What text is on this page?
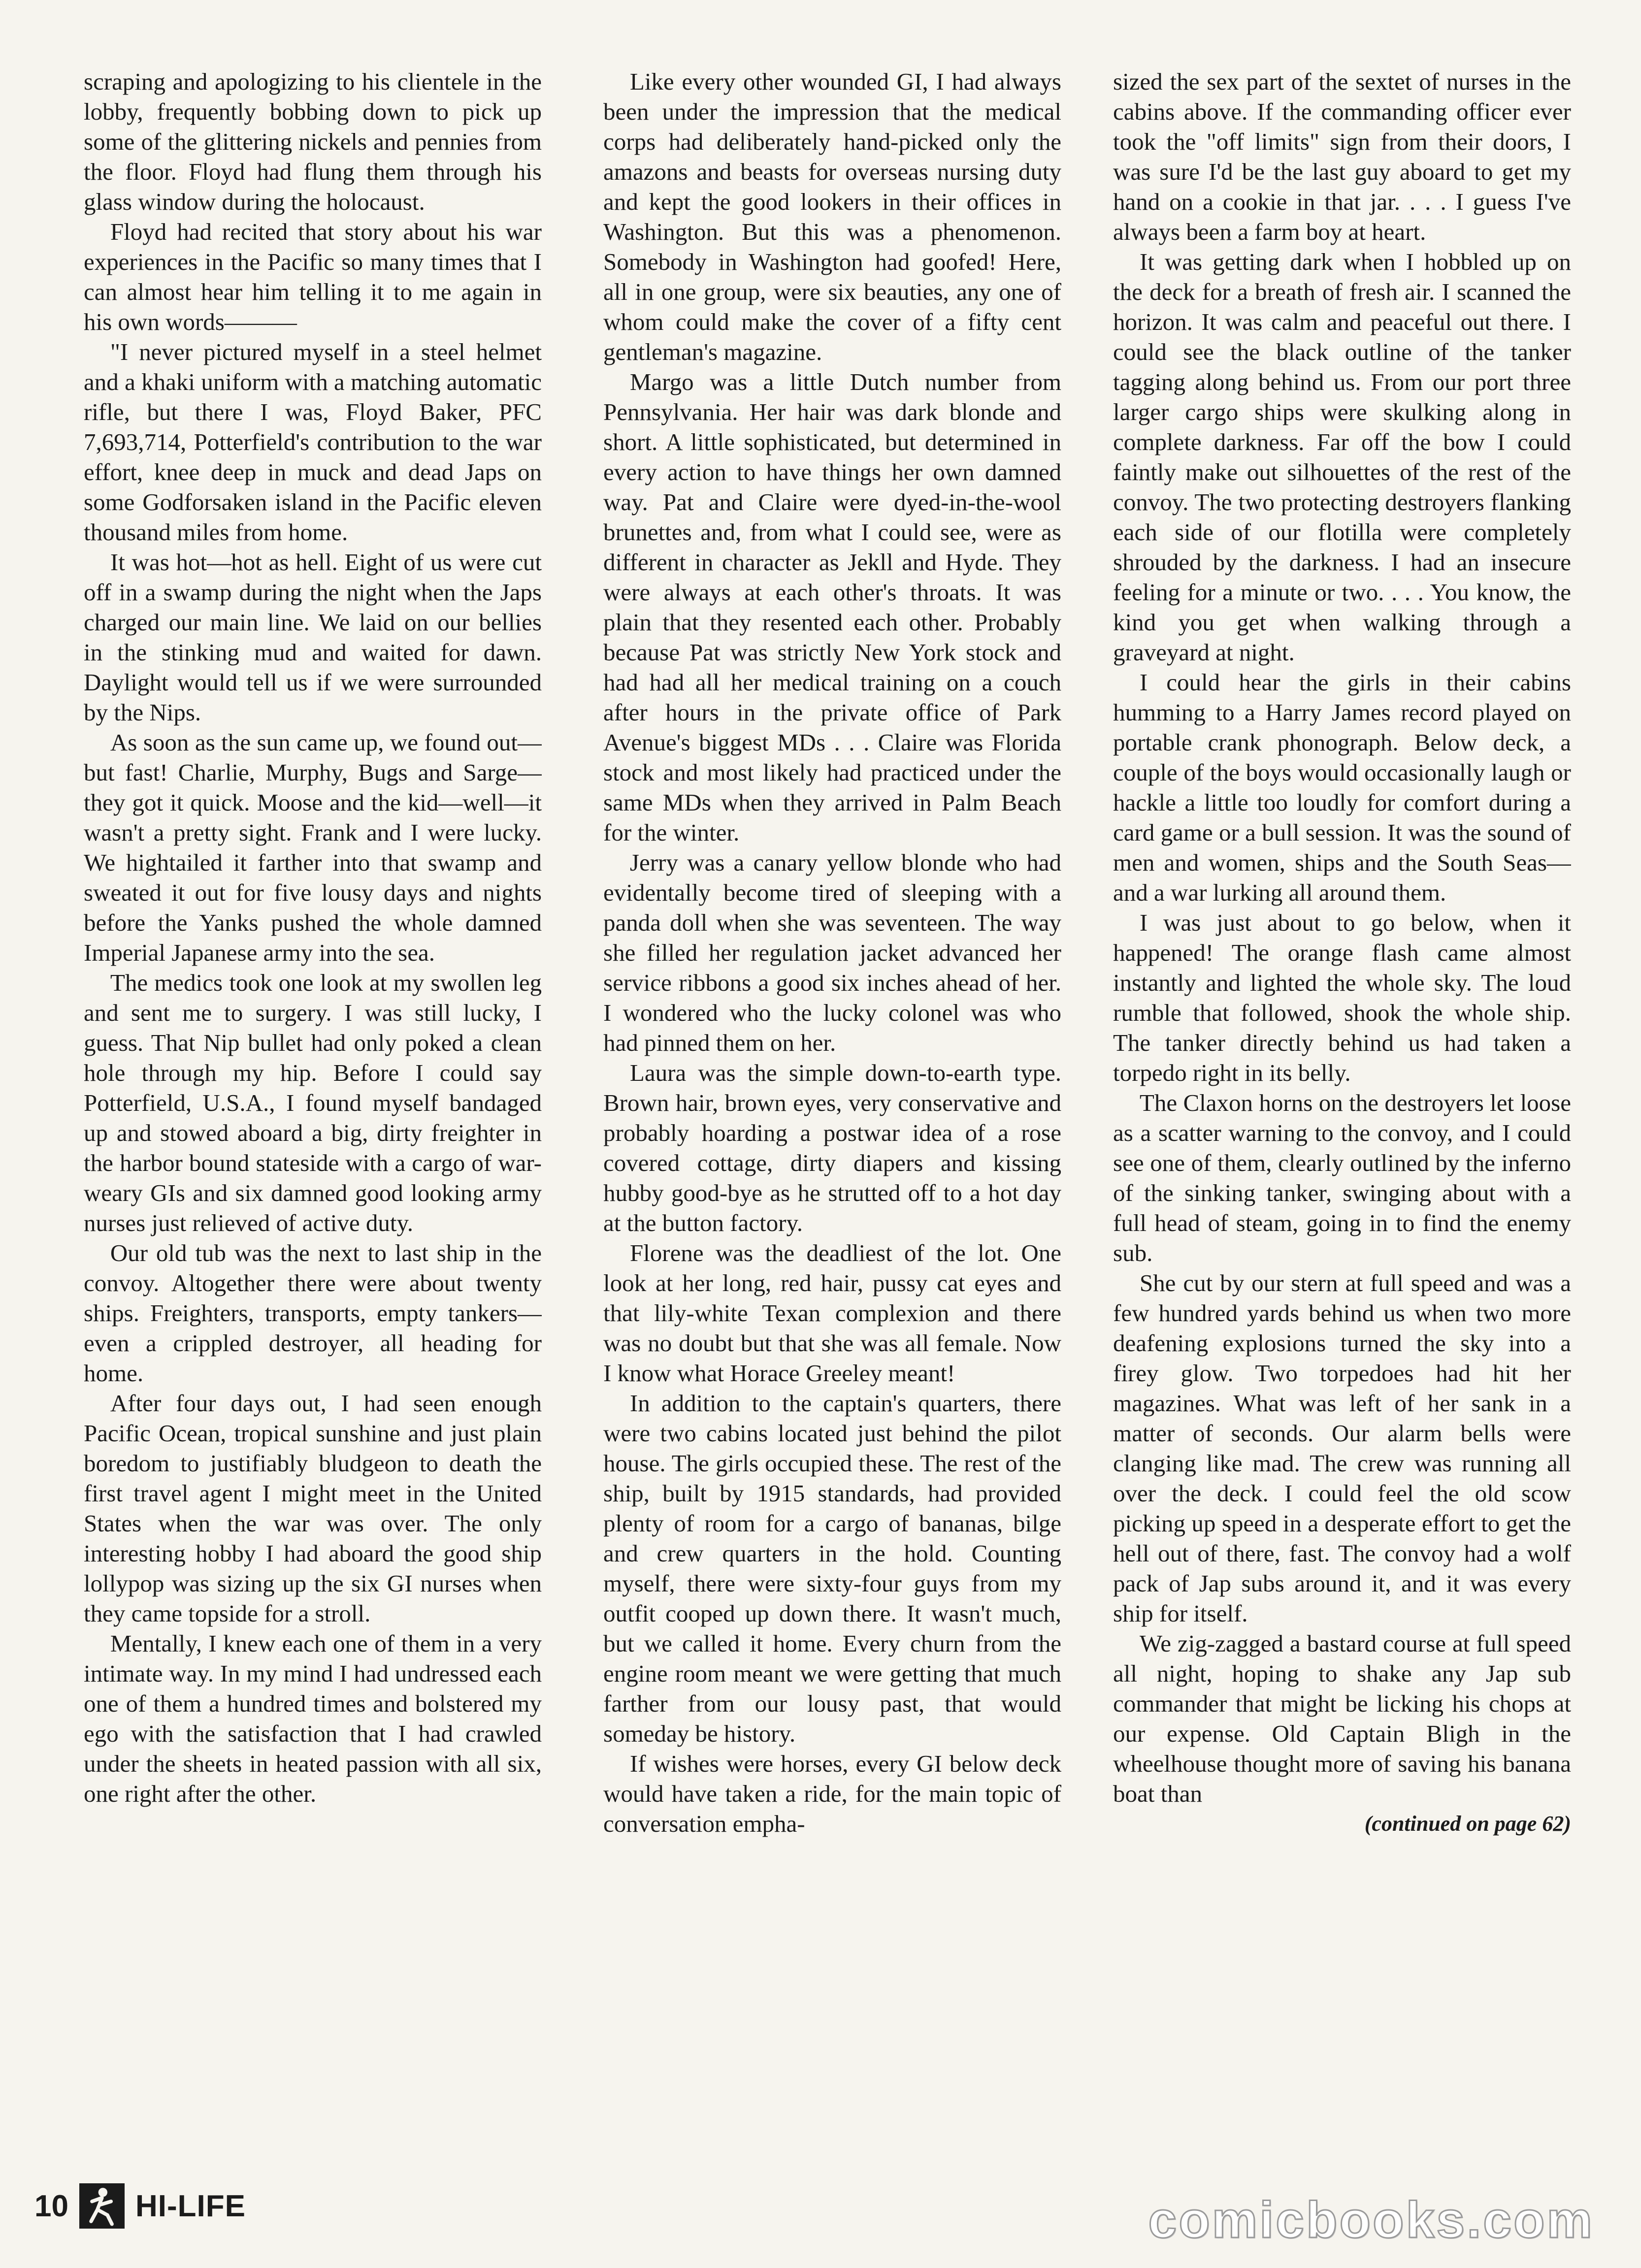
scraping and apologizing to his clientele in the lobby, frequently bobbing down to pick up some of the glittering nickels and pennies from the floor. Floyd had flung them through his glass window during the holocaust.

Floyd had recited that story about his war experiences in the Pacific so many times that I can almost hear him telling it to me again in his own words———

"I never pictured myself in a steel helmet and a khaki uniform with a matching automatic rifle, but there I was, Floyd Baker, PFC 7,693,714, Potterfield's contribution to the war effort, knee deep in muck and dead Japs on some Godforsaken island in the Pacific eleven thousand miles from home.

It was hot—hot as hell. Eight of us were cut off in a swamp during the night when the Japs charged our main line. We laid on our bellies in the stinking mud and waited for dawn. Daylight would tell us if we were surrounded by the Nips.

As soon as the sun came up, we found out—but fast! Charlie, Murphy, Bugs and Sarge—they got it quick. Moose and the kid—well—it wasn't a pretty sight. Frank and I were lucky. We hightailed it farther into that swamp and sweated it out for five lousy days and nights before the Yanks pushed the whole damned Imperial Japanese army into the sea.

The medics took one look at my swollen leg and sent me to surgery. I was still lucky, I guess. That Nip bullet had only poked a clean hole through my hip. Before I could say Potterfield, U.S.A., I found myself bandaged up and stowed aboard a big, dirty freighter in the harbor bound stateside with a cargo of war-weary GIs and six damned good looking army nurses just relieved of active duty.

Our old tub was the next to last ship in the convoy. Altogether there were about twenty ships. Freighters, transports, empty tankers—even a crippled destroyer, all heading for home.

After four days out, I had seen enough Pacific Ocean, tropical sunshine and just plain boredom to justifiably bludgeon to death the first travel agent I might meet in the United States when the war was over. The only interesting hobby I had aboard the good ship lollypop was sizing up the six GI nurses when they came topside for a stroll.

Mentally, I knew each one of them in a very intimate way. In my mind I had undressed each one of them a hundred times and bolstered my ego with the satisfaction that I had crawled under the sheets in heated passion with all six, one right after the other.

Like every other wounded GI, I had always been under the impression that the medical corps had deliberately hand-picked only the amazons and beasts for overseas nursing duty and kept the good lookers in their offices in Washington. But this was a phenomenon. Somebody in Washington had goofed! Here, all in one group, were six beauties, any one of whom could make the cover of a fifty cent gentleman's magazine.

Margo was a little Dutch number from Pennsylvania. Her hair was dark blonde and short. A little sophisticated, but determined in every action to have things her own damned way. Pat and Claire were dyed-in-the-wool brunettes and, from what I could see, were as different in character as Jekll and Hyde. They were always at each other's throats. It was plain that they resented each other. Probably because Pat was strictly New York stock and had had all her medical training on a couch after hours in the private office of Park Avenue's biggest MDs . . . Claire was Florida stock and most likely had practiced under the same MDs when they arrived in Palm Beach for the winter.

Jerry was a canary yellow blonde who had evidentally become tired of sleeping with a panda doll when she was seventeen. The way she filled her regulation jacket advanced her service ribbons a good six inches ahead of her. I wondered who the lucky colonel was who had pinned them on her.

Laura was the simple down-to-earth type. Brown hair, brown eyes, very conservative and probably hoarding a postwar idea of a rose covered cottage, dirty diapers and kissing hubby good-bye as he strutted off to a hot day at the button factory.

Florene was the deadliest of the lot. One look at her long, red hair, pussy cat eyes and that lily-white Texan complexion and there was no doubt but that she was all female. Now I know what Horace Greeley meant!

In addition to the captain's quarters, there were two cabins located just behind the pilot house. The girls occupied these. The rest of the ship, built by 1915 standards, had provided plenty of room for a cargo of bananas, bilge and crew quarters in the hold. Counting myself, there were sixty-four guys from my outfit cooped up down there. It wasn't much, but we called it home. Every churn from the engine room meant we were getting that much farther from our lousy past, that would someday be history.

If wishes were horses, every GI below deck would have taken a ride, for the main topic of conversation empha-

sized the sex part of the sextet of nurses in the cabins above. If the commanding officer ever took the "off limits" sign from their doors, I was sure I'd be the last guy aboard to get my hand on a cookie in that jar. . . . I guess I've always been a farm boy at heart.

It was getting dark when I hobbled up on the deck for a breath of fresh air. I scanned the horizon. It was calm and peaceful out there. I could see the black outline of the tanker tagging along behind us. From our port three larger cargo ships were skulking along in complete darkness. Far off the bow I could faintly make out silhouettes of the rest of the convoy. The two protecting destroyers flanking each side of our flotilla were completely shrouded by the darkness. I had an insecure feeling for a minute or two. . . . You know, the kind you get when walking through a graveyard at night.

I could hear the girls in their cabins humming to a Harry James record played on portable crank phonograph. Below deck, a couple of the boys would occasionally laugh or hackle a little too loudly for comfort during a card game or a bull session. It was the sound of men and women, ships and the South Seas—and a war lurking all around them.

I was just about to go below, when it happened! The orange flash came almost instantly and lighted the whole sky. The loud rumble that followed, shook the whole ship. The tanker directly behind us had taken a torpedo right in its belly.

The Claxon horns on the destroyers let loose as a scatter warning to the convoy, and I could see one of them, clearly outlined by the inferno of the sinking tanker, swinging about with a full head of steam, going in to find the enemy sub.

She cut by our stern at full speed and was a few hundred yards behind us when two more deafening explosions turned the sky into a firey glow. Two torpedoes had hit her magazines. What was left of her sank in a matter of seconds. Our alarm bells were clanging like mad. The crew was running all over the deck. I could feel the old scow picking up speed in a desperate effort to get the hell out of there, fast. The convoy had a wolf pack of Jap subs around it, and it was every ship for itself.

We zig-zagged a bastard course at full speed all night, hoping to shake any Jap sub commander that might be licking his chops at our expense. Old Captain Bligh in the wheelhouse thought more of saving his banana boat than

(continued on page 62)

10 HI-LIFE	comicbooks.com
